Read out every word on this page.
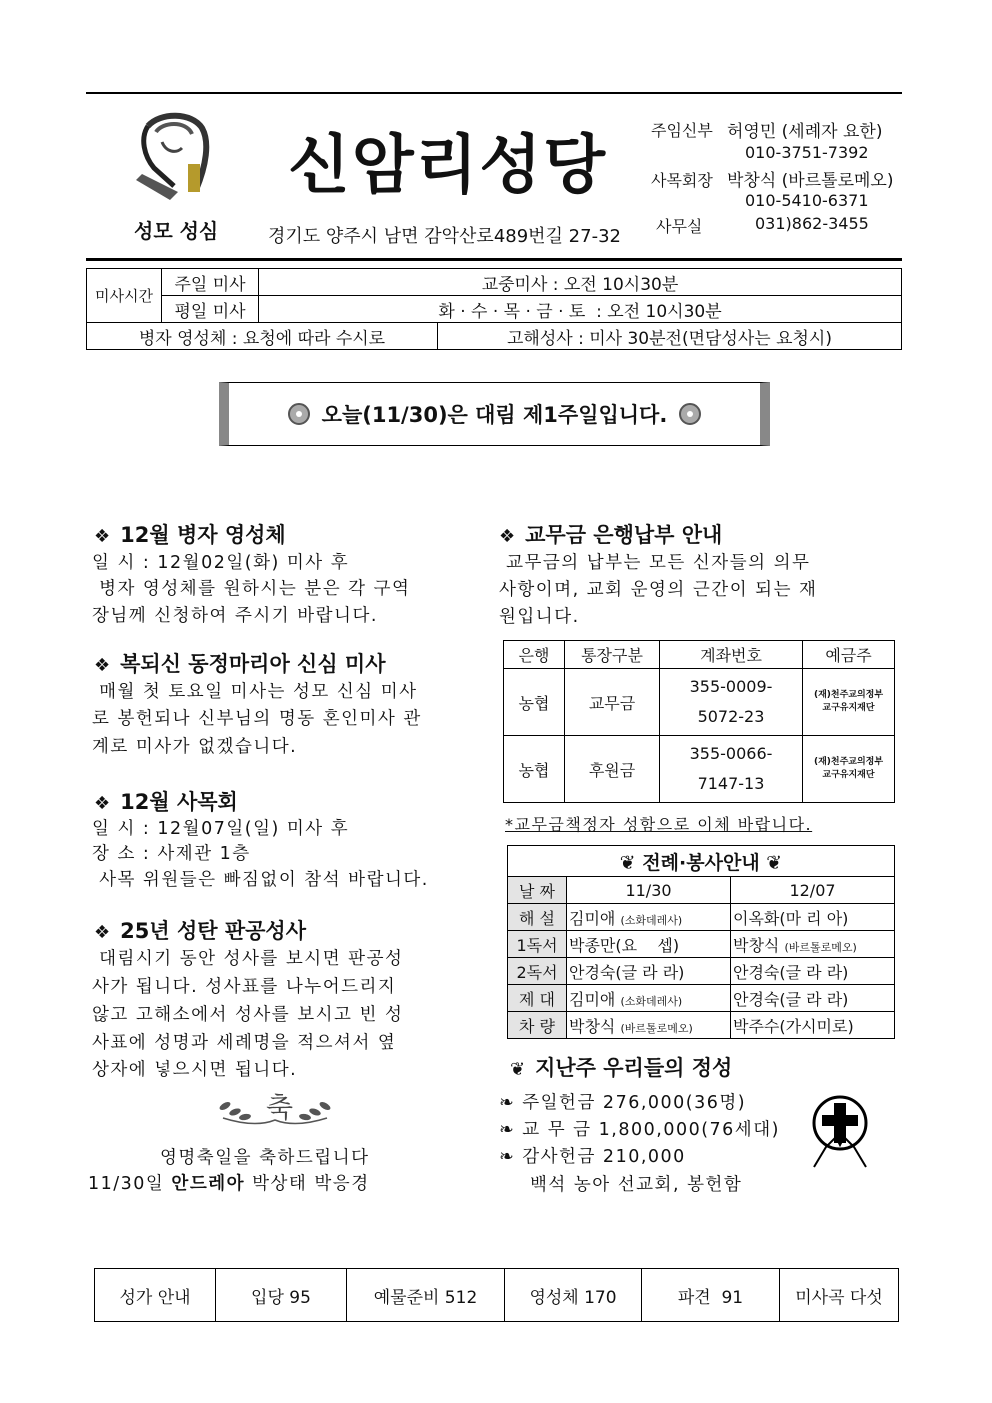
성모 성심
신암리성당
경기도 양주시 남면 감악산로489번길 27-32
주임신부 허영민 (세례자 요한)
010-3751-7392
사목회장 박창식 (바르톨로메오)
010-5410-6371
사무실	031)862-3455
미사시간	주일 미사	교중미사 : 오전 10시30분	
	평일 미사	화 · 수 · 목 · 금 · 토  : 오전 10시30분	
병자 영성체 : 요청에 따라 수시로			고해성사 : 미사 30분전(면담성사는 요청시)
오늘(11/30)은 대림 제1주일입니다.
❖ 12월 병자 영성체
일 시 : 12월02일(화) 미사 후
병자 영성체를 원하시는 분은 각 구역
장님께 신청하여 주시기 바랍니다.
❖ 복되신 동정마리아 신심 미사
매월 첫 토요일 미사는 성모 신심 미사
로 봉헌되나 신부님의 명동 혼인미사 관
계로 미사가 없겠습니다.
❖ 12월 사목회
일 시 : 12월07일(일) 미사 후
장 소 : 사제관 1층
사목 위원들은 빠짐없이 참석 바랍니다.
❖ 25년 성탄 판공성사
대림시기 동안 성사를 보시면 판공성
사가 됩니다. 성사표를 나누어드리지
않고 고해소에서 성사를 보시고 빈 성
사표에 성명과 세례명을 적으셔서 옆
상자에 넣으시면 됩니다.
축
영명축일을 축하드립니다
11/30일 안드레아 박상태 박응경
❖ 교무금 은행납부 안내
교무금의 납부는 모든 신자들의 의무
사항이며, 교회 운영의 근간이 되는 재
원입니다.
은행	통장구분	계좌번호	예금주
농협	교무금	355-0009-
5072-23	(재)천주교의정부
교구유지재단
농협	후원금	355-0066-
7147-13	(재)천주교의정부
교구유지재단
*교무금책정자 성함으로 이체 바랍니다.
❦ 전례·봉사안내 ❦		
날 짜	11/30	12/07
해 설	김미애 (소화데레사)	이옥화(마 리 아)
1독서	박종만(요    셉)	박창식 (바르톨로메오)
2독서	안경숙(글 라 라)	안경숙(글 라 라)
제 대	김미애 (소화데레사)	안경숙(글 라 라)
차 량	박창식 (바르톨로메오)	박주수(가시미로)
❦ 지난주 우리들의 정성
❧ 주일헌금 276,000(36명)
❧ 교 무 금 1,800,000(76세대)
❧ 감사헌금 210,000
백석 농아 선교회, 봉헌함
성가 안내	입당 95	예물준비 512	영성체 170	파견  91	미사곡 다섯
